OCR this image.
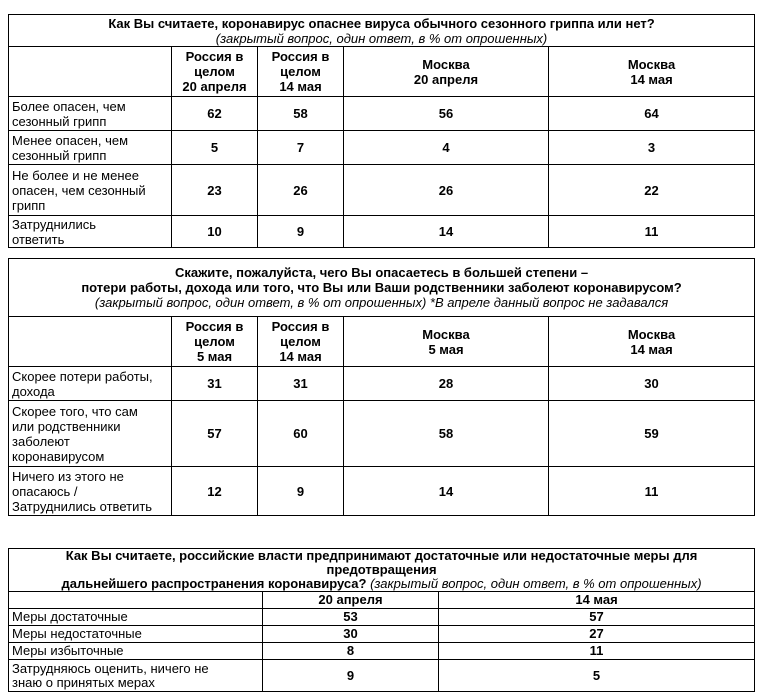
Как Вы считаете, коронавирус опаснее вируса обычного сезонного гриппа или нет?
(закрытый вопрос, один ответ, в % от опрошенных)				

	Россия в
целом
20 апреля	Россия в
целом
14 мая	Москва
20 апреля	Москва
14 мая

Более опасен, чем
сезонный грипп	62	58	56	64

Менее опасен, чем
сезонный грипп	5	7	4	3

Не более и не менее
опасен, чем сезонный
грипп	23	26	26	22

Затруднились
ответить	10	9	14	11
Скажите, пожалуйста, чего Вы опасаетесь в большей степени –
потери работы, дохода или того, что Вы или Ваши родственники заболеют коронавирусом?
(закрытый вопрос, один ответ, в % от опрошенных) *В апреле данный вопрос не задавался				

	Россия в
целом
5 мая	Россия в
целом
14 мая	Москва
5 мая	Москва
14 мая

Скорее потери работы,
дохода	31	31	28	30

Скорее того, что сам
или родственники
заболеют
коронавирусом	57	60	58	59

Ничего из этого не
опасаюсь /
Затруднились ответить	12	9	14	11
Как Вы считаете, российские власти предпринимают достаточные или недостаточные меры для предотвращения
дальнейшего распространения коронавируса? (закрытый вопрос, один ответ, в % от опрошенных)		
	20 апреля	14 мая
Меры достаточные	53	57
Меры недостаточные	30	27
Меры избыточные	8	11

Затрудняюсь оценить, ничего не
знаю о принятых мерах	9	5
